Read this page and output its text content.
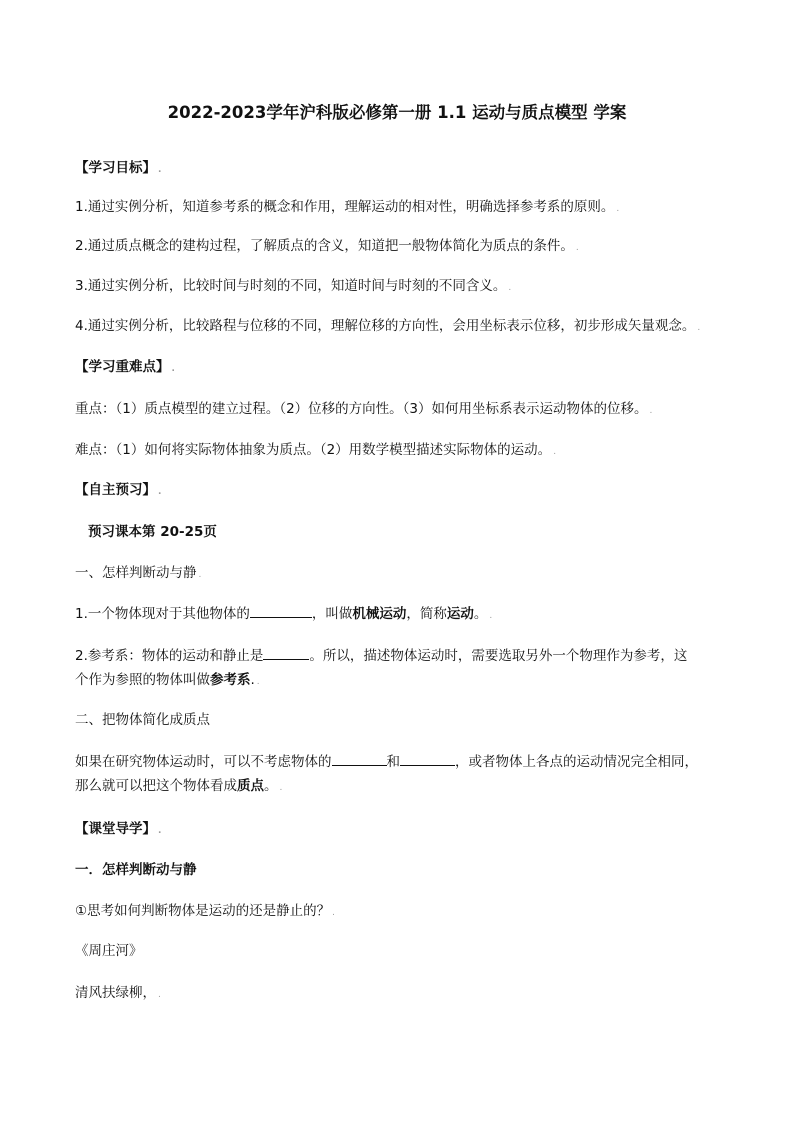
2022-2023学年沪科版必修第一册 1.1 运动与质点模型 学案
【学习目标】 .
1.通过实例分析，知道参考系的概念和作用，理解运动的相对性，明确选择参考系的原则。 .
2.通过质点概念的建构过程，了解质点的含义，知道把一般物体简化为质点的条件。 .
3.通过实例分析，比较时间与时刻的不同，知道时间与时刻的不同含义。 .
4.通过实例分析，比较路程与位移的不同，理解位移的方向性，会用坐标表示位移，初步形成矢量观念。 .
【学习重难点】 .
重点：（1）质点模型的建立过程。（2）位移的方向性。（3）如何用坐标系表示运动物体的位移。 .
难点：（1）如何将实际物体抽象为质点。（2）用数学模型描述实际物体的运动。 .
【自主预习】 .
预习课本第 20-25页
一、怎样判断动与静 .
1.一个物体现对于其他物体的	，叫做机械运动，简称运动。 .
2.参考系：物体的运动和静止是	。所以，描述物体运动时，需要选取另外一个物理作为参考，这
个作为参照的物体叫做参考系. .
二、把物体简化成质点
如果在研究物体运动时，可以不考虑物体的	和	，或者物体上各点的运动情况完全相同，
那么就可以把这个物体看成质点。 .
【课堂导学】 .
一．怎样判断动与静
①思考如何判断物体是运动的还是静止的？ .
《周庄河》
清风扶绿柳， .
